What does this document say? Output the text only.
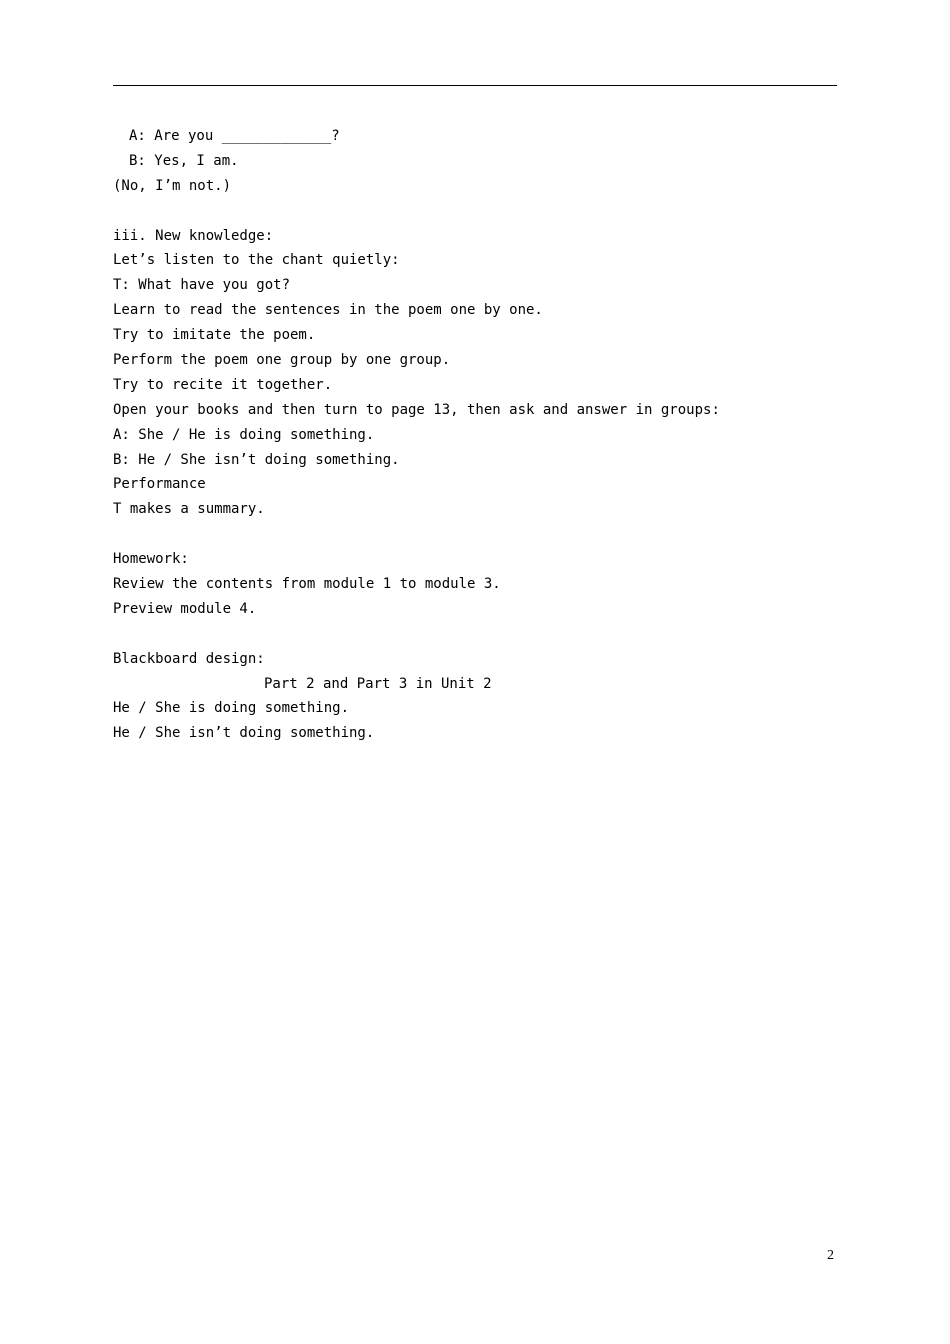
A: Are you _____________?
B: Yes, I am.
(No, I’m not.)
iii. New knowledge:
Let’s listen to the chant quietly:
T: What have you got?
Learn to read the sentences in the poem one by one.
Try to imitate the poem.
Perform the poem one group by one group.
Try to recite it together.
Open your books and then turn to page 13, then ask and answer in groups:
A: She / He is doing something.
B: He / She isn’t doing something.
Performance
T makes a summary.
Homework:
Review the contents from module 1 to module 3.
Preview module 4.
Blackboard design:
Part 2 and Part 3 in Unit 2
He / She is doing something.
He / She isn’t doing something.
2
